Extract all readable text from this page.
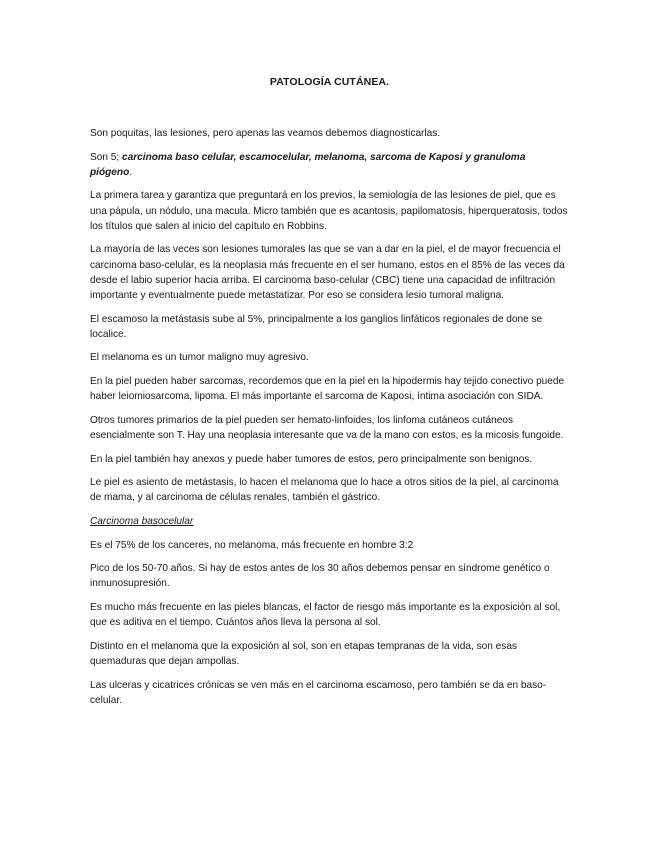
PATOLOGÍA CUTÁNEA.

Son poquitas, las lesiones, pero apenas las veamos debemos diagnosticarlas.

Son 5; carcinoma baso celular, escamocelular, melanoma, sarcoma de Kaposi y granuloma piógeno.

La primera tarea y garantiza que preguntará en los previos, la semiología de las lesiones de piel, que es una pápula, un nódulo, una macula. Micro también que es acantosis, papilomatosis, hiperqueratosis, todos los títulos que salen al inicio del capítulo en Robbins.

La mayoría de las veces son lesiones tumorales las que se van a dar en la piel, el de mayor frecuencia el carcinoma baso-celular, es la neoplasia más frecuente en el ser humano, estos en el 85% de las veces da desde el labio superior hacia arriba. El carcinoma baso-celular (CBC) tiene una capacidad de infiltración importante y eventualmente puede metastatizar. Por eso se considera lesio tumoral maligna.

El escamoso la metástasis sube al 5%, principalmente a los ganglios linfáticos regionales de done se localice.

El melanoma es un tumor maligno muy agresivo.

En la piel pueden haber sarcomas, recordemos que en la piel en la hipodermis hay tejido conectivo puede haber leiomiosarcoma, lipoma. El más importante el sarcoma de Kaposi, íntima asociación con SIDA.

Otros tumores primarios de la piel pueden ser hemato-linfoides, los linfoma cutáneos cutáneos esencialmente son T. Hay una neoplasia interesante que va de la mano con estos, es la micosis fungoide.

En la piel también hay anexos y puede haber tumores de estos, pero principalmente son benignos.

Le piel es asiento de metástasis, lo hacen el melanoma que lo hace a otros sitios de la piel, al carcinoma de mama, y al carcinoma de células renales, también el gástrico.

Carcinoma basocelular

Es el 75% de los canceres, no melanoma, más frecuente en hombre 3:2

Pico de los 50-70 años. Si hay de estos antes de los 30 años debemos pensar en síndrome genético o inmunosupresión.

Es mucho más frecuente en las pieles blancas, el factor de riesgo más importante es la exposición al sol, que es aditiva en el tiempo. Cuántos años lleva la persona al sol.

Distinto en el melanoma que la exposición al sol, son en etapas tempranas de la vida, son esas quemaduras que dejan ampollas.

Las ulceras y cicatrices crónicas se ven más en el carcinoma escamoso, pero también se da en baso-celular.
